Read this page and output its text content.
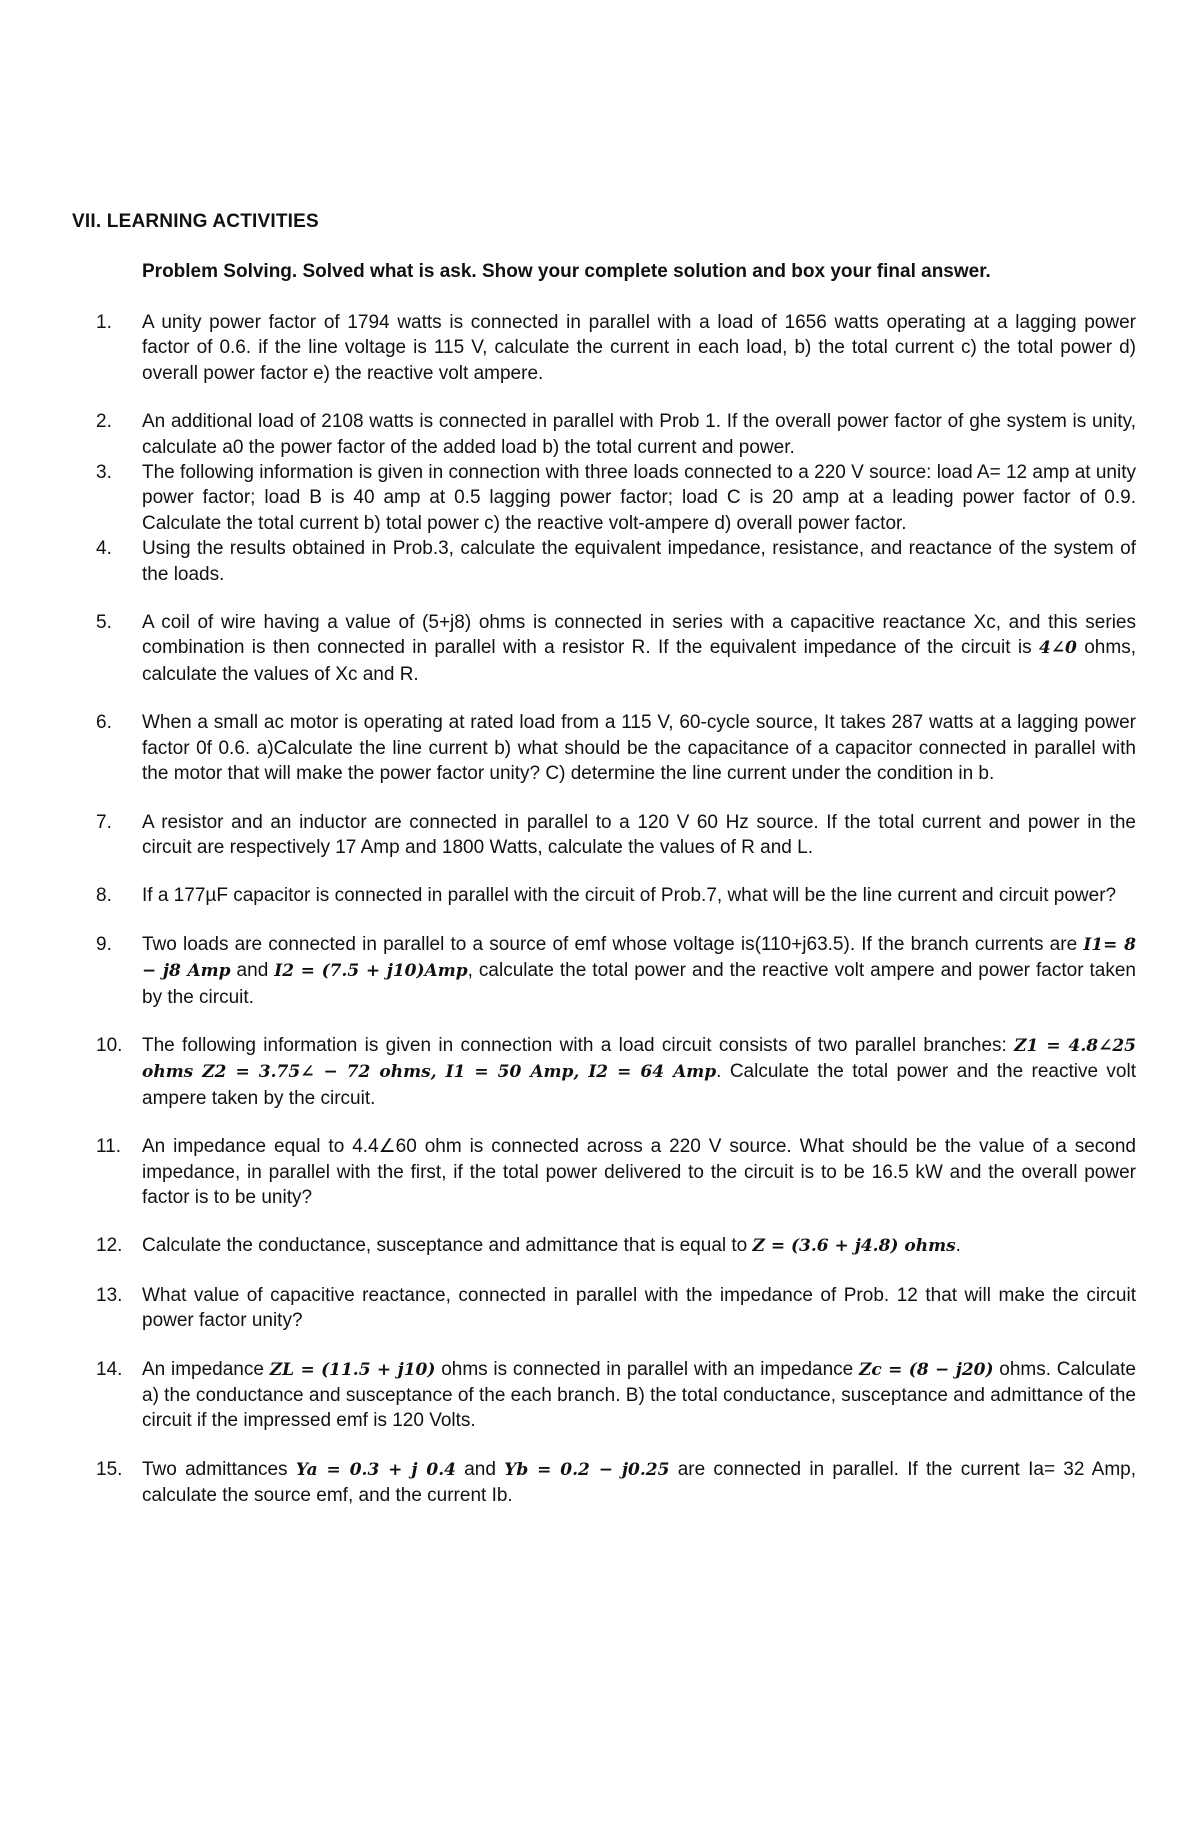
VII. LEARNING ACTIVITIES
Problem Solving. Solved what is ask. Show your complete solution and box your final answer.
1.	A unity power factor of 1794 watts is connected in parallel with a load of 1656 watts operating at a lagging power factor of 0.6. if the line voltage is 115 V, calculate the current in each load, b) the total current c) the total power d) overall power factor e) the reactive volt ampere.
2.	An additional load of 2108 watts is connected in parallel with Prob 1. If the overall power factor of ghe system is unity, calculate a0 the power factor of the added load b) the total current and power.
3.	The following information is given in connection with three loads connected to a 220 V source: load A= 12 amp at unity power factor; load B is 40 amp at 0.5 lagging power factor; load C is 20 amp at a leading power factor of 0.9. Calculate the total current b) total power c) the reactive volt-ampere d) overall power factor.
4.	Using the results obtained in Prob.3, calculate the equivalent impedance, resistance, and reactance of the system of the loads.
5.	A coil of wire having a value of (5+j8) ohms is connected in series with a capacitive reactance Xc, and this series combination is then connected in parallel with a resistor R. If the equivalent impedance of the circuit is 4∠0 ohms, calculate the values of Xc and R.
6.	When a small ac motor is operating at rated load from a 115 V, 60-cycle source, It takes 287 watts at a lagging power factor 0f 0.6. a)Calculate the line current b) what should be the capacitance of a capacitor connected in parallel with the motor that will make the power factor unity? C) determine the line current under the condition in b.
7.	A resistor and an inductor are connected in parallel to a 120 V 60 Hz source. If the total current and power in the circuit are respectively 17 Amp and 1800 Watts, calculate the values of R and L.
8.	If a 177µF capacitor is connected in parallel with the circuit of Prob.7, what will be the line current and circuit power?
9.	Two loads are connected in parallel to a source of emf whose voltage is(110+j63.5). If the branch currents are I1= 8 − j8 Amp and I2 = (7.5 + j10)Amp, calculate the total power and the reactive volt ampere and power factor taken by the circuit.
10.	The following information is given in connection with a load circuit consists of two parallel branches: Z1 = 4.8∠25 ohms Z2 = 3.75∠ − 72 ohms, I1 = 50 Amp, I2 = 64 Amp. Calculate the total power and the reactive volt ampere taken by the circuit.
11.	An impedance equal to 4.4∠60 ohm is connected across a 220 V source. What should be the value of a second impedance, in parallel with the first, if the total power delivered to the circuit is to be 16.5 kW and the overall power factor is to be unity?
12.	Calculate the conductance, susceptance and admittance that is equal to Z = (3.6 + j4.8) ohms.
13.	What value of capacitive reactance, connected in parallel with the impedance of Prob. 12 that will make the circuit power factor unity?
14.	An impedance ZL = (11.5 + j10) ohms is connected in parallel with an impedance Zc = (8 − j20) ohms. Calculate a) the conductance and susceptance of the each branch. B) the total conductance, susceptance and admittance of the circuit if the impressed emf is 120 Volts.
15.	Two admittances Ya = 0.3 + j 0.4 and Yb = 0.2 − j0.25 are connected in parallel. If the current Ia= 32 Amp, calculate the source emf, and the current Ib.
